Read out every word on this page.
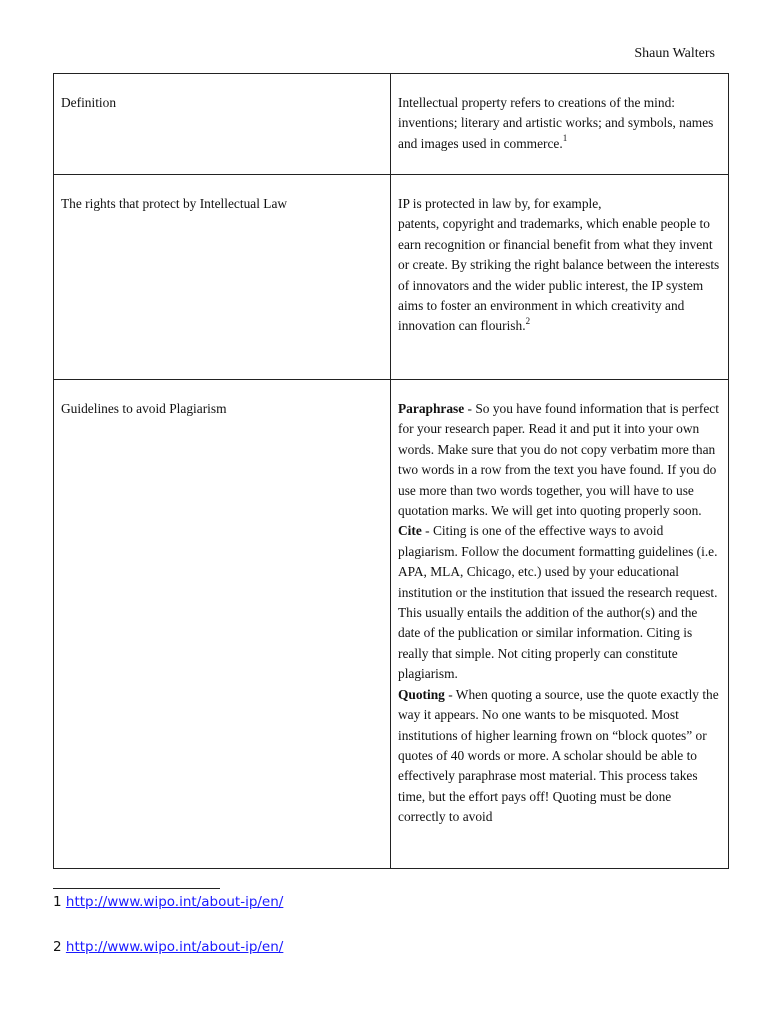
Shaun Walters
Definition	Intellectual property refers to creations of the mind: inventions; literary and artistic works; and symbols, names and images used in commerce.$^1$

The rights that protect by Intellectual Law	IP is protected in law by, for example,
patents, copyright and trademarks, which enable people to earn recognition or financial benefit from what they invent or create. By striking the right balance between the interests of innovators and the wider public interest, the IP system aims to foster an environment in which creativity and innovation can flourish.$^2$

Guidelines to avoid Plagiarism	Paraphrase - So you have found information that is perfect for your research paper. Read it and put it into your own words. Make sure that you do not copy verbatim more than two words in a row from the text you have found. If you do use more than two words together, you will have to use quotation marks. We will get into quoting properly soon.
Cite - Citing is one of the effective ways to avoid plagiarism. Follow the document formatting guidelines (i.e. APA, MLA, Chicago, etc.) used by your educational institution or the institution that issued the research request. This usually entails the addition of the author(s) and the date of the publication or similar information. Citing is really that simple. Not citing properly can constitute plagiarism.
Quoting - When quoting a source, use the quote exactly the way it appears. No one wants to be misquoted. Most institutions of higher learning frown on “block quotes” or quotes of 40 words or more. A scholar should be able to effectively paraphrase most material. This process takes time, but the effort pays off! Quoting must be done correctly to avoid
1 http://www.wipo.int/about-ip/en/
2 http://www.wipo.int/about-ip/en/
